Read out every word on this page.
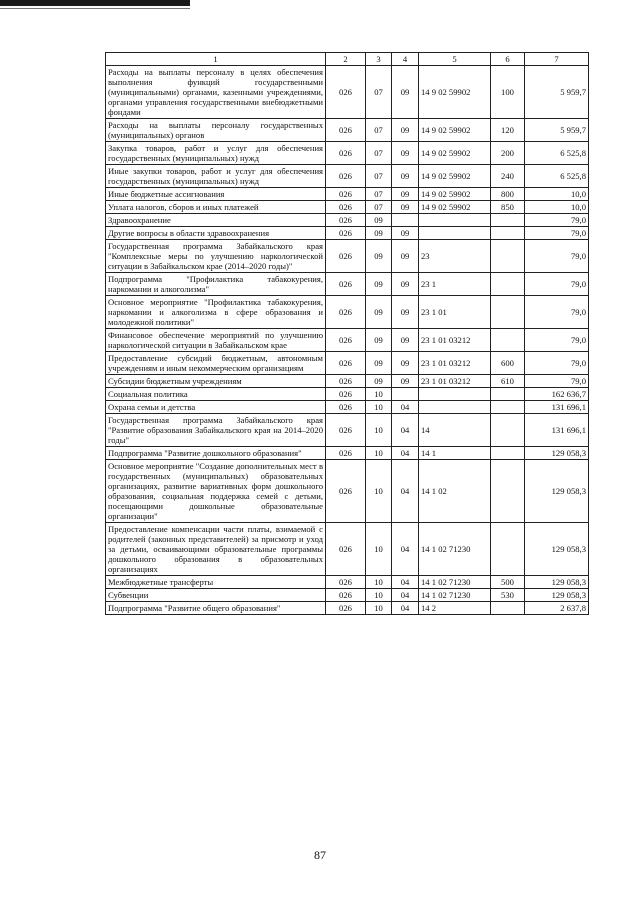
1	2	3	4	5	6	7
Расходы на выплаты персоналу в целях обеспечения выполнения функций государственными (муниципальными) органами, казенными учреждениями, органами управления государственными внебюджетными фондами	026	07	09	14 9 02 59902	100	5 959,7
Расходы на выплаты персоналу государственных (муниципальных) органов	026	07	09	14 9 02 59902	120	5 959,7
Закупка товаров, работ и услуг для обеспечения государственных (муниципальных) нужд	026	07	09	14 9 02 59902	200	6 525,8
Иные закупки товаров, работ и услуг для обеспечения государственных (муниципальных) нужд	026	07	09	14 9 02 59902	240	6 525,8
Иные бюджетные ассигнования	026	07	09	14 9 02 59902	800	10,0
Уплата налогов, сборов и иных платежей	026	07	09	14 9 02 59902	850	10,0
Здравоохранение	026	09				79,0
Другие вопросы в области здравоохранения	026	09	09			79,0
Государственная программа Забайкальского края "Комплексные меры по улучшению наркологической ситуации в Забайкальском крае (2014–2020 годы)"	026	09	09	23		79,0
Подпрограмма "Профилактика табакокурения, наркомании и алкоголизма"	026	09	09	23 1		79,0
Основное мероприятие "Профилактика табакокурения, наркомании и алкоголизма в сфере образования и молодежной политики"	026	09	09	23 1 01		79,0
Финансовое обеспечение мероприятий по улучшению наркологической ситуации в Забайкальском крае	026	09	09	23 1 01 03212		79,0
Предоставление субсидий бюджетным, автономным учреждениям и иным некоммерческим организациям	026	09	09	23 1 01 03212	600	79,0
Субсидии бюджетным учреждениям	026	09	09	23 1 01 03212	610	79,0
Социальная политика	026	10				162 636,7
Охрана семьи и детства	026	10	04			131 696,1
Государственная программа Забайкальского края "Развитие образования Забайкальского края на 2014–2020 годы"	026	10	04	14		131 696,1
Подпрограмма "Развитие дошкольного образования"	026	10	04	14 1		129 058,3
Основное мероприятие "Создание дополнительных мест в государственных (муниципальных) образовательных организациях, развитие вариативных форм дошкольного образования, социальная поддержка семей с детьми, посещающими дошкольные образовательные организации"	026	10	04	14 1 02		129 058,3
Предоставление компенсации части платы, взимаемой с родителей (законных представителей) за присмотр и уход за детьми, осваивающими образовательные программы дошкольного образования в образовательных организациях	026	10	04	14 1 02 71230		129 058,3
Межбюджетные трансферты	026	10	04	14 1 02 71230	500	129 058,3
Субвенции	026	10	04	14 1 02 71230	530	129 058,3
Подпрограмма "Развитие общего образования"	026	10	04	14 2		2 637,8
87
